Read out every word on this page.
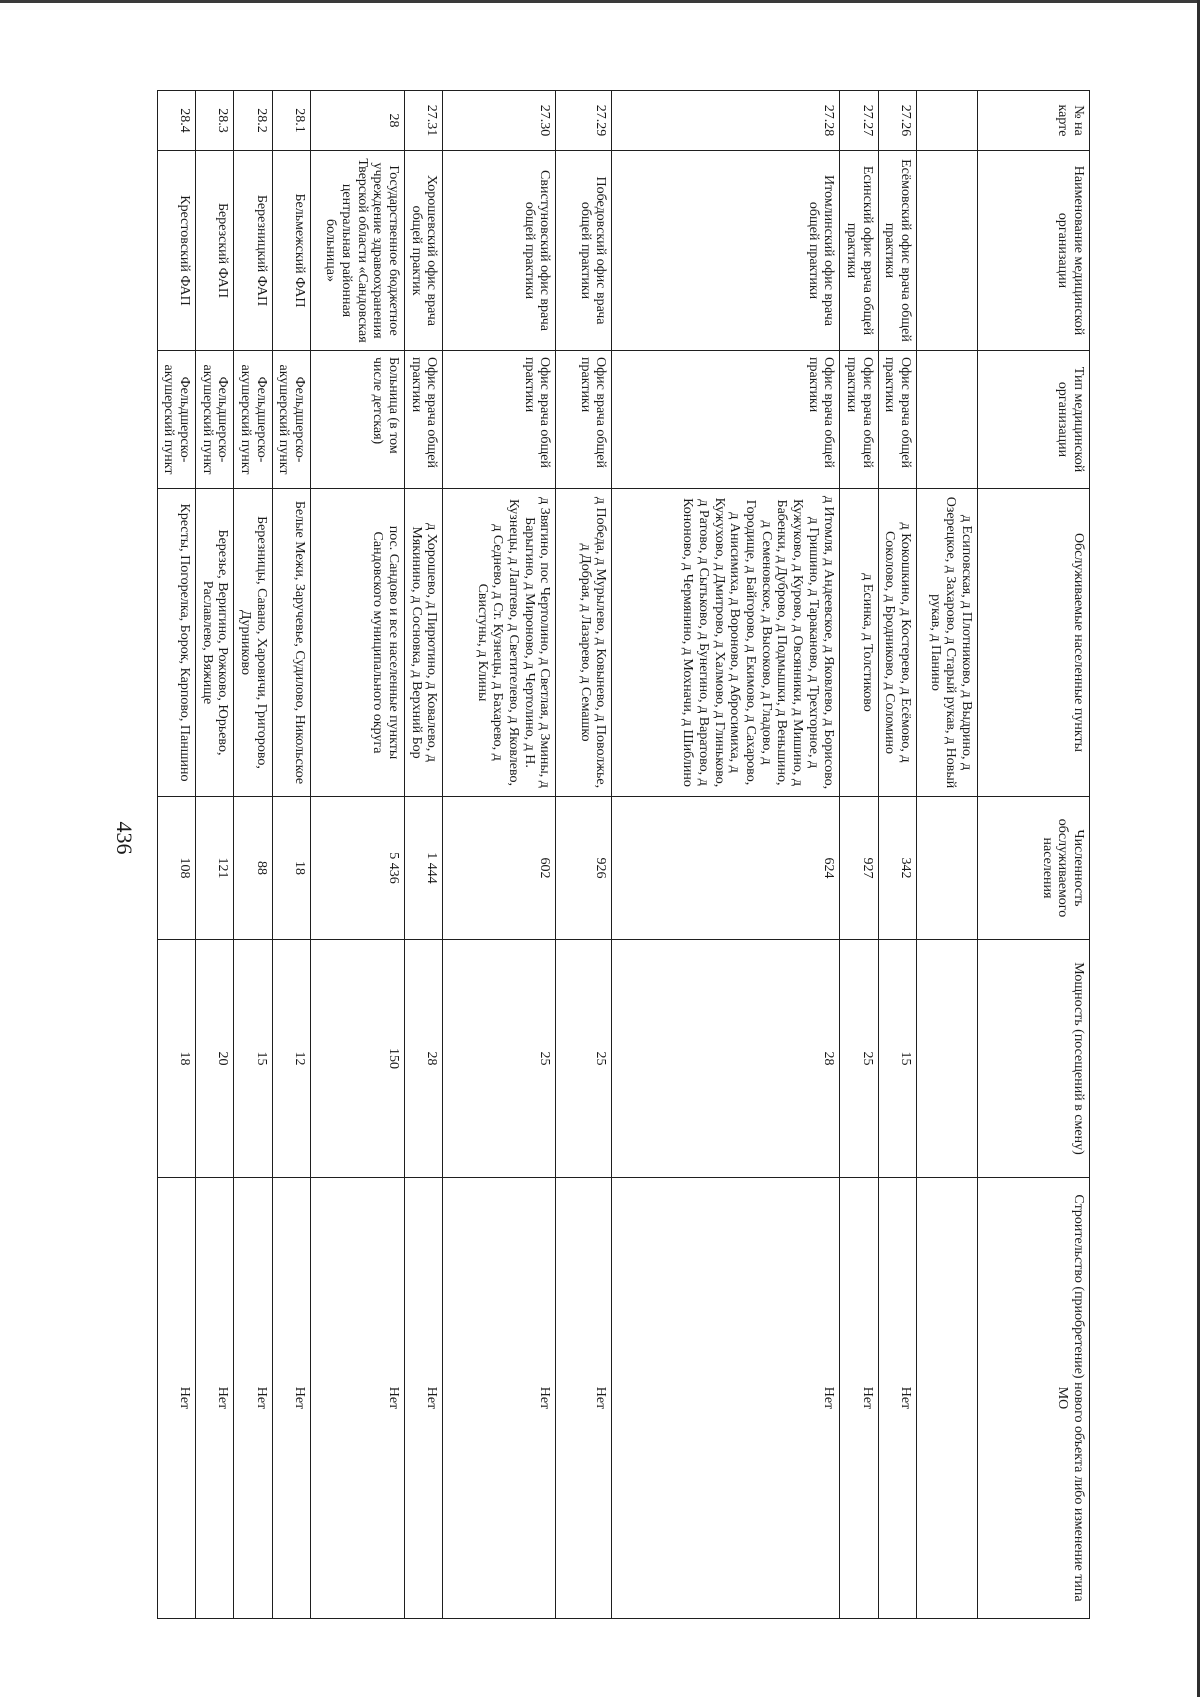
436
№ на карте	Наименование медицинской организации	Тип медицинской организации	Обслуживаемые населенные пункты	Численность обслуживаемого населения	Мощность (посещений в смену)	Строительство (приобретение) нового объекта либо изменение типа МО
			д Есиповская, д Плотниково, д Выдрино, д Озерецкое, д Захарово, д Старый рукав, д Новый рукав, д Панино			
27.26	Есёмовский офис врача общей практики	Офис врача общей практики	д Кокошкино, д Костерево, д Есёмово, д Соколово, д Бродниково, д Соломино	342	15	Нет
27.27	Есинский офис врача общей практики	Офис врача общей практики	д Есинка, д Толстиково	927	25	Нет
27.28	Итомлинский офис врача общей практики	Офис врача общей практики	д Итомля, д Андеевское, д Яковлево, д Борисово, д Гришино, д Тараканово, д Трехгорное, д Кужуково, д Курово, д Овсянники, д Мишино, д Бабенки, д Дуброво, д Подмышки, д Веньшино, д Семеновское, д Высоково, д Гладово, д Городище, д Байгорово, д Екимово, д Сахарово, д Анисимиха, д Вороново, д Абросимиха, д Кужухово, д Дмитрово, д Халмово, д Глиньково, д Ратово, д Сытьково, д Бунегино, д Варатово, д Кононово, д Чермянино, д Мохначи, д Шиблино	624	28	Нет
27.29	Победовский офис врача общей практики	Офис врача общей практики	д Победа, д Мурылево, д Ковынево, д Поволжье, д Добрая, д Лазарево, д Семашко	926	25	Нет
27.30	Свистуновский офис врача общей практики	Офис врача общей практики	д Звягино, пос Чертолино, д Светлая, д Змины, д Барыгино, д Мироново, д Чертолино, д Н. Кузнецы, д Лаптево, д Светителево, д Яковлево, д Седнево, д Ст. Кузнецы, д Бахарево, д Свистуны, д Клины	602	25	Нет
27.31	Хорошевский офис врача общей практик	Офис врача общей практики	д Хорошево, д Пирютино, д Ковалево, д Мякинино, д Сосновка, д Верхний Бор	1 444	28	Нет
28	Государственное бюджетное учреждение здравоохранения Тверской области «Сандовская центральная районная больница»	Больница (в том числе детская)	пос. Сандово и все населенные пункты Сандовского муниципального округа	5 436	150	Нет
28.1	Бельмежский ФАП	Фельдшерско-акушерский пункт	Белые Межи, Заручевье, Судилово, Никольское	18	12	Нет
28.2	Березницкий ФАП	Фельдшерско-акушерский пункт	Березницы, Савано, Харовичи, Григорово, Дурниково	88	15	Нет
28.3	Березский ФАП	Фельдшерско-акушерский пункт	Березье, Веригино, Рожково, Юрьево, Раславлево, Вяжище	121	20	Нет
28.4	Крестовский ФАП	Фельдшерско-акушерский пункт	Кресты, Погорелка, Борок, Карпово, Паншино	108	18	Нет
